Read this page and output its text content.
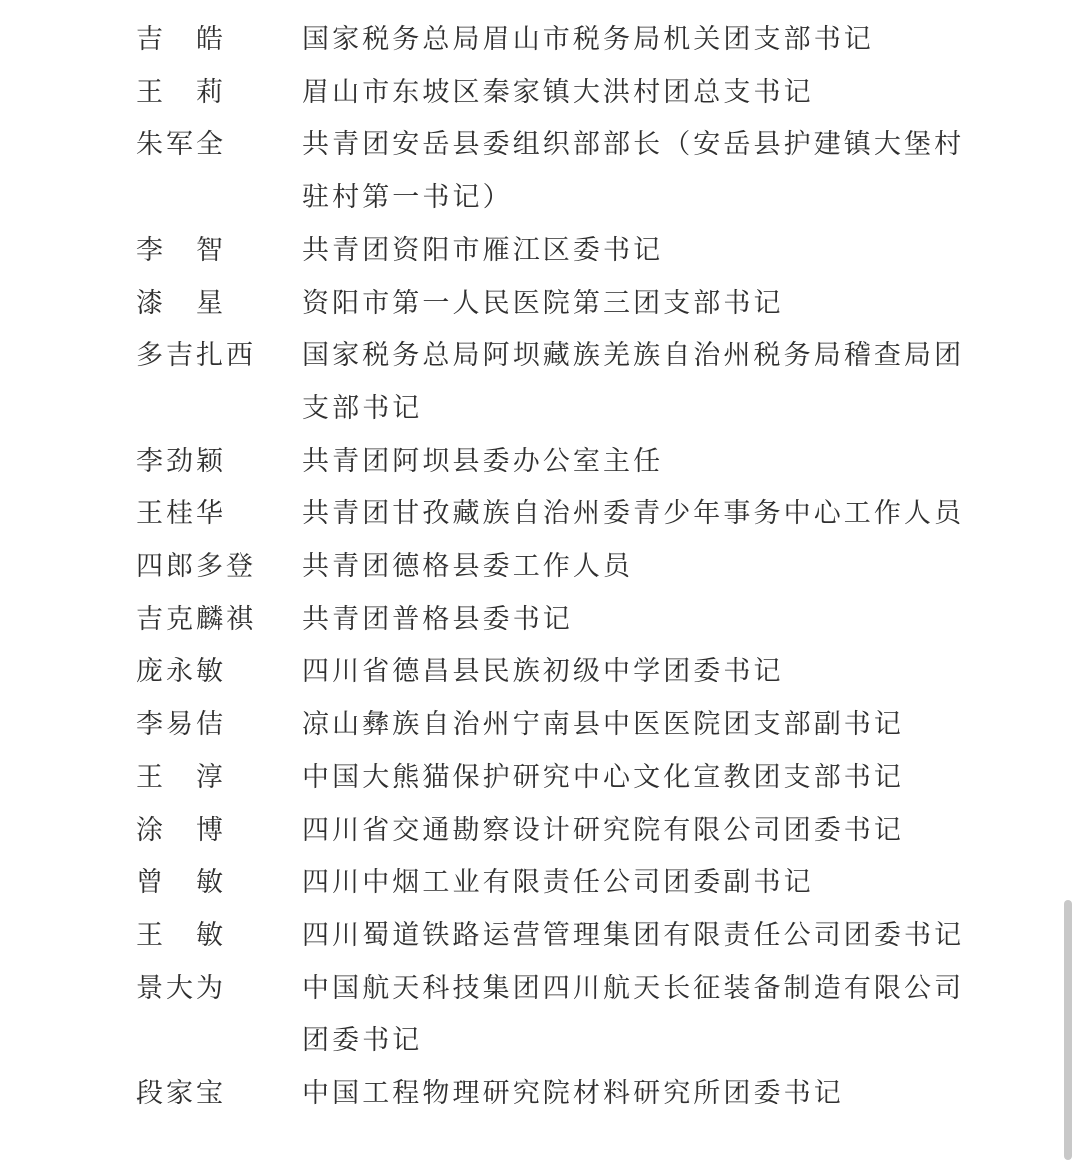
吉　皓	国家税务总局眉山市税务局机关团支部书记
王　莉	眉山市东坡区秦家镇大洪村团总支书记
朱军全	共青团安岳县委组织部部长（安岳县护建镇大堡村驻村第一书记）
李　智	共青团资阳市雁江区委书记
漆　星	资阳市第一人民医院第三团支部书记
多吉扎西	国家税务总局阿坝藏族羌族自治州税务局稽查局团支部书记
李劲颖	共青团阿坝县委办公室主任
王桂华	共青团甘孜藏族自治州委青少年事务中心工作人员
四郎多登	共青团德格县委工作人员
吉克麟祺	共青团普格县委书记
庞永敏	四川省德昌县民族初级中学团委书记
李易佶	凉山彝族自治州宁南县中医医院团支部副书记
王　淳	中国大熊猫保护研究中心文化宣教团支部书记
涂　博	四川省交通勘察设计研究院有限公司团委书记
曾　敏	四川中烟工业有限责任公司团委副书记
王　敏	四川蜀道铁路运营管理集团有限责任公司团委书记
景大为	中国航天科技集团四川航天长征装备制造有限公司团委书记
段家宝	中国工程物理研究院材料研究所团委书记
